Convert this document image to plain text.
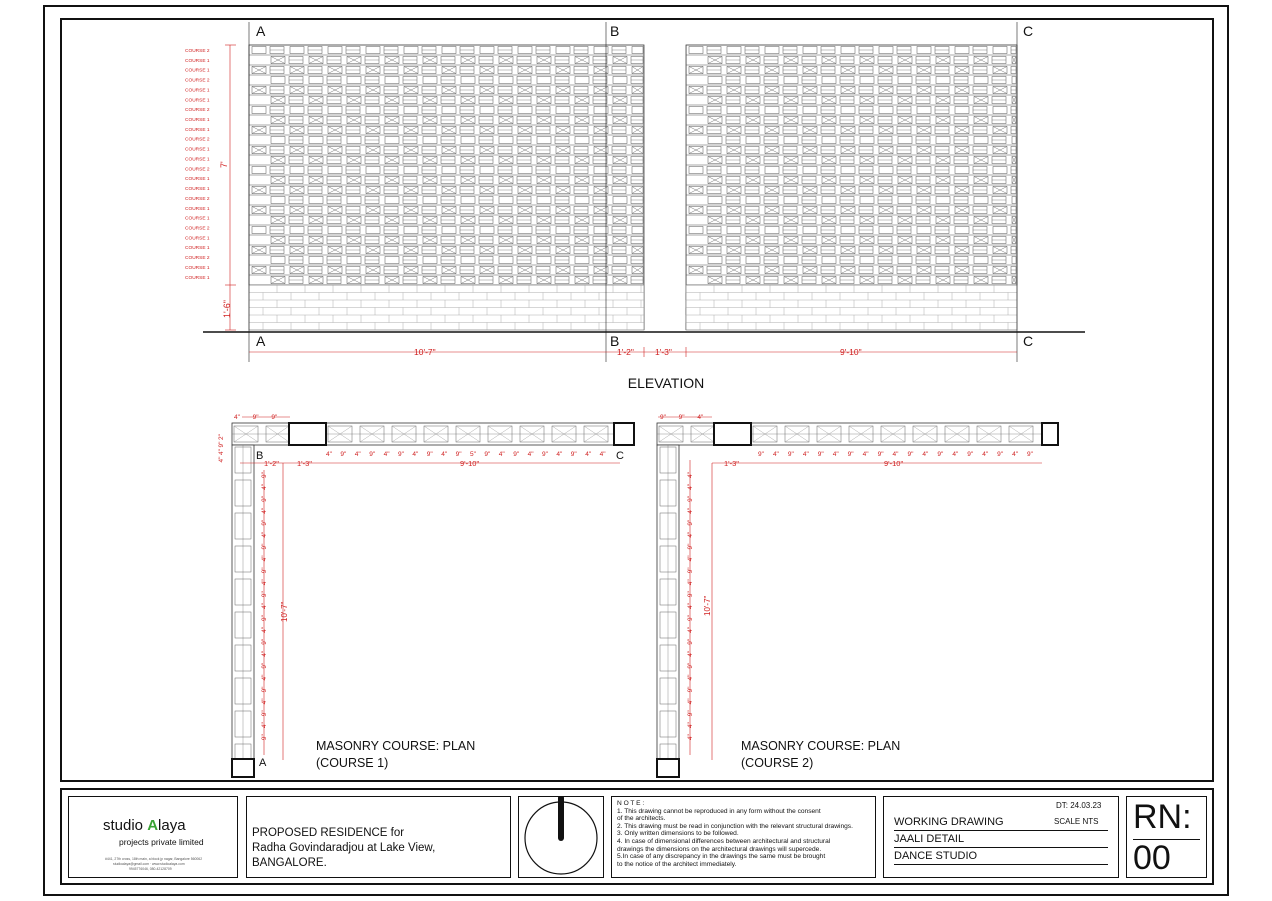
A	B	C
A	B	C
COURSE 2
COURSE 1
COURSE 1
COURSE 2
COURSE 1
COURSE 1
COURSE 2
COURSE 1
COURSE 1
COURSE 2
COURSE 1
COURSE 1
COURSE 2
COURSE 1
COURSE 1
COURSE 2
COURSE 1
COURSE 1
COURSE 2
COURSE 1
COURSE 1
COURSE 2
COURSE 1
COURSE 1
7'
1'-6"
10'-7"	1'-2" 1'-3"	9'-10"
ELEVATION
B	C
A
4" 9" 9"
4" 9" 4" 9" 4" 9" 4" 9" 4" 9" 5" 9" 4" 9" 4" 9" 4" 9" 4" 4"
2"
9"
4"
4"
9"
4"
9"
4"
9"
4"
9"
4"
9"
4"
9"
4"
9"
4"
9"
4"
9"
4"
9"
4"
9"
4"
9"
1'-2" 1'-3"	9'-10"
10'-7"
MASONRY COURSE: PLAN
(COURSE 1)
9" 9" 4"
9" 4" 9" 4" 9" 4" 9" 4" 9" 4" 9" 4" 9" 4" 9" 4" 9" 4" 9"
4"
4"
9"
4"
9"
4"
9"
4"
9"
4"
9"
4"
9"
4"
9"
4"
9"
4"
9"
4"
9"
4"
4"
1'-3"	9'-10"
10'-7"
MASONRY COURSE: PLAN
(COURSE 2)
studio Alaya
projects private limited
#441, 27th cross, 18th main, a block jp nagar, Bangalore 560062
studioalaya@gmail.com · www.studioalaya.com
9945776046, 080-42128709
PROPOSED RESIDENCE for
Radha Govindaradjou at Lake View,
BANGALORE.
N O T E :
1. This drawing cannot be reproduced in any form without the consent
of the architects.
2. This drawing must be read in conjunction with the relevant structural drawings.
3. Only written dimensions to be followed.
4. In case of dimensional differences between architectural and structural
drawings the dimensions on the architectural drawings will supercede.
5.In case of any discrepancy in the drawings the same must be brought
to the notice of the architect immediately.
DT: 24.03.23
SCALE NTS
WORKING DRAWING
JAALI DETAIL
DANCE STUDIO
RN:
00
